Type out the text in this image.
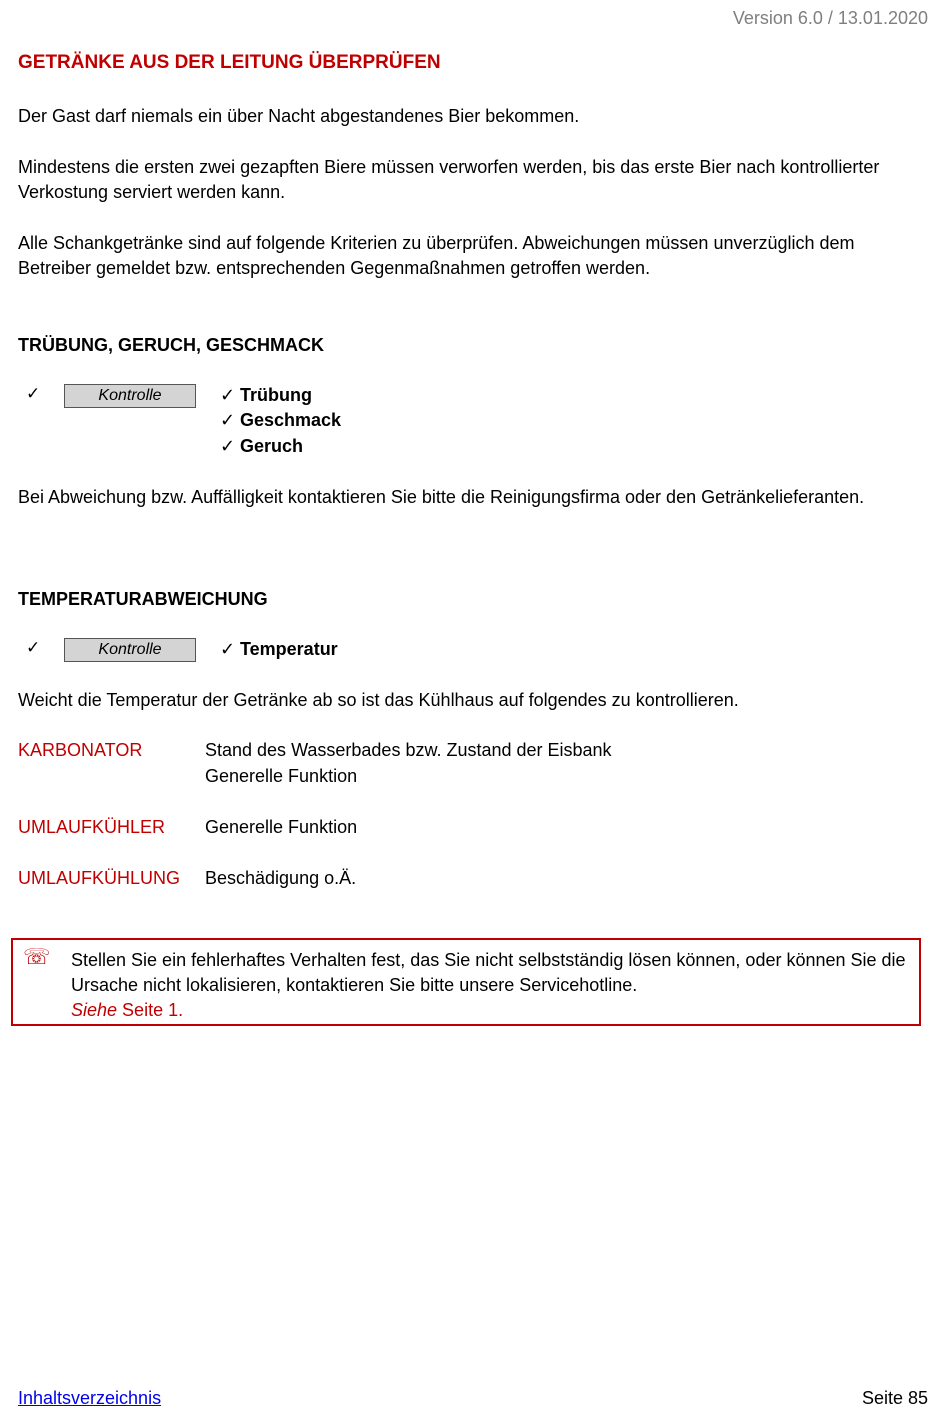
Version 6.0 / 13.01.2020
GETRÄNKE AUS DER LEITUNG ÜBERPRÜFEN
Der Gast darf niemals ein über Nacht abgestandenes Bier bekommen.
Mindestens die ersten zwei gezapften Biere müssen verworfen werden, bis das erste Bier nach kontrollierter Verkostung serviert werden kann.
Alle Schankgetränke sind auf folgende Kriterien zu überprüfen. Abweichungen müssen unverzüglich dem Betreiber gemeldet bzw. entsprechenden Gegenmaßnahmen getroffen werden.
TRÜBUNG, GERUCH, GESCHMACK
✓	Kontrolle	✓ Trübung
✓ Geschmack
✓ Geruch
Bei Abweichung bzw. Auffälligkeit kontaktieren Sie bitte die Reinigungsfirma oder den Getränkelieferanten.
TEMPERATURABWEICHUNG
✓	Kontrolle	✓ Temperatur
Weicht die Temperatur der Getränke ab so ist das Kühlhaus auf folgendes zu kontrollieren.
KARBONATOR	Stand des Wasserbades bzw. Zustand der Eisbank
Generelle Funktion
UMLAUFKÜHLER Generelle Funktion
UMLAUFKÜHLUNG Beschädigung o.Ä.
☏ Stellen Sie ein fehlerhaftes Verhalten fest, das Sie nicht selbstständig lösen können, oder können Sie die Ursache nicht lokalisieren, kontaktieren Sie bitte unsere Servicehotline.
Siehe Seite 1.
Inhaltsverzeichnis	Seite 85
